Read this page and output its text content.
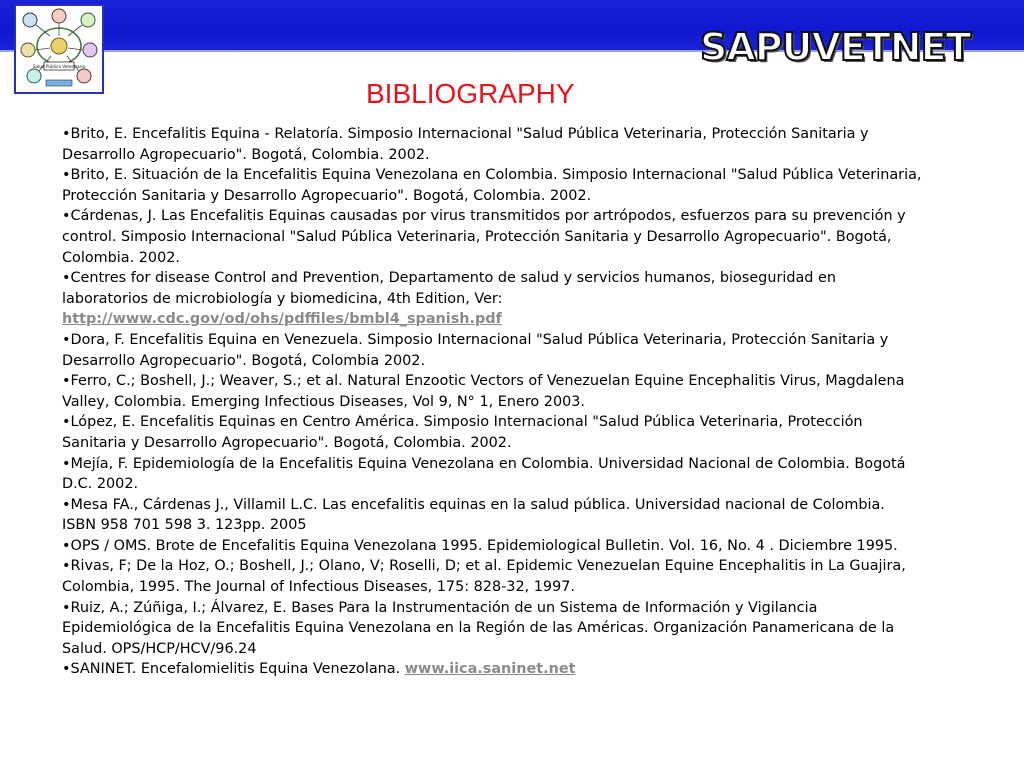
Salud Pública Veterinaria	SAPUVETNET
BIBLIOGRAPHY
•Brito, E. Encefalitis Equina - Relatoría. Simposio Internacional "Salud Pública Veterinaria, Protección Sanitaria y Desarrollo Agropecuario". Bogotá, Colombia. 2002.
•Brito, E. Situación de la Encefalitis Equina Venezolana en Colombia. Simposio Internacional "Salud Pública Veterinaria, Protección Sanitaria y Desarrollo Agropecuario". Bogotá, Colombia. 2002.
•Cárdenas, J. Las Encefalitis Equinas causadas por virus transmitidos por artrópodos, esfuerzos para su prevención y control. Simposio Internacional "Salud Pública Veterinaria, Protección Sanitaria y Desarrollo Agropecuario". Bogotá, Colombia. 2002.
•Centres for disease Control and Prevention, Departamento de salud y servicios humanos, bioseguridad en laboratorios de microbiología y biomedicina, 4th Edition, Ver: http://www.cdc.gov/od/ohs/pdffiles/bmbl4_spanish.pdf
•Dora, F. Encefalitis Equina en Venezuela. Simposio Internacional "Salud Pública Veterinaria, Protección Sanitaria y Desarrollo Agropecuario". Bogotá, Colombia 2002.
•Ferro, C.; Boshell, J.; Weaver, S.; et al. Natural Enzootic Vectors of Venezuelan Equine Encephalitis Virus, Magdalena Valley, Colombia. Emerging Infectious Diseases, Vol 9, N° 1, Enero 2003.
•López, E. Encefalitis Equinas en Centro América. Simposio Internacional "Salud Pública Veterinaria, Protección Sanitaria y Desarrollo Agropecuario". Bogotá, Colombia. 2002.
•Mejía, F. Epidemiología de la Encefalitis Equina Venezolana en Colombia. Universidad Nacional de Colombia. Bogotá D.C. 2002.
•Mesa FA., Cárdenas J., Villamil L.C. Las encefalitis equinas en la salud pública. Universidad nacional de Colombia. ISBN 958 701 598 3. 123pp. 2005
•OPS / OMS. Brote de Encefalitis Equina Venezolana 1995. Epidemiological Bulletin. Vol. 16, No. 4 . Diciembre 1995.
•Rivas, F; De la Hoz, O.; Boshell, J.; Olano, V; Roselli, D; et al. Epidemic Venezuelan Equine Encephalitis in La Guajira, Colombia, 1995. The Journal of Infectious Diseases, 175: 828-32, 1997.
•Ruiz, A.; Zúñiga, I.; Álvarez, E. Bases Para la Instrumentación de un Sistema de Información y Vigilancia Epidemiológica de la Encefalitis Equina Venezolana en la Región de las Américas. Organización Panamericana de la Salud. OPS/HCP/HCV/96.24
•SANINET. Encefalomielitis Equina Venezolana. www.iica.saninet.net
